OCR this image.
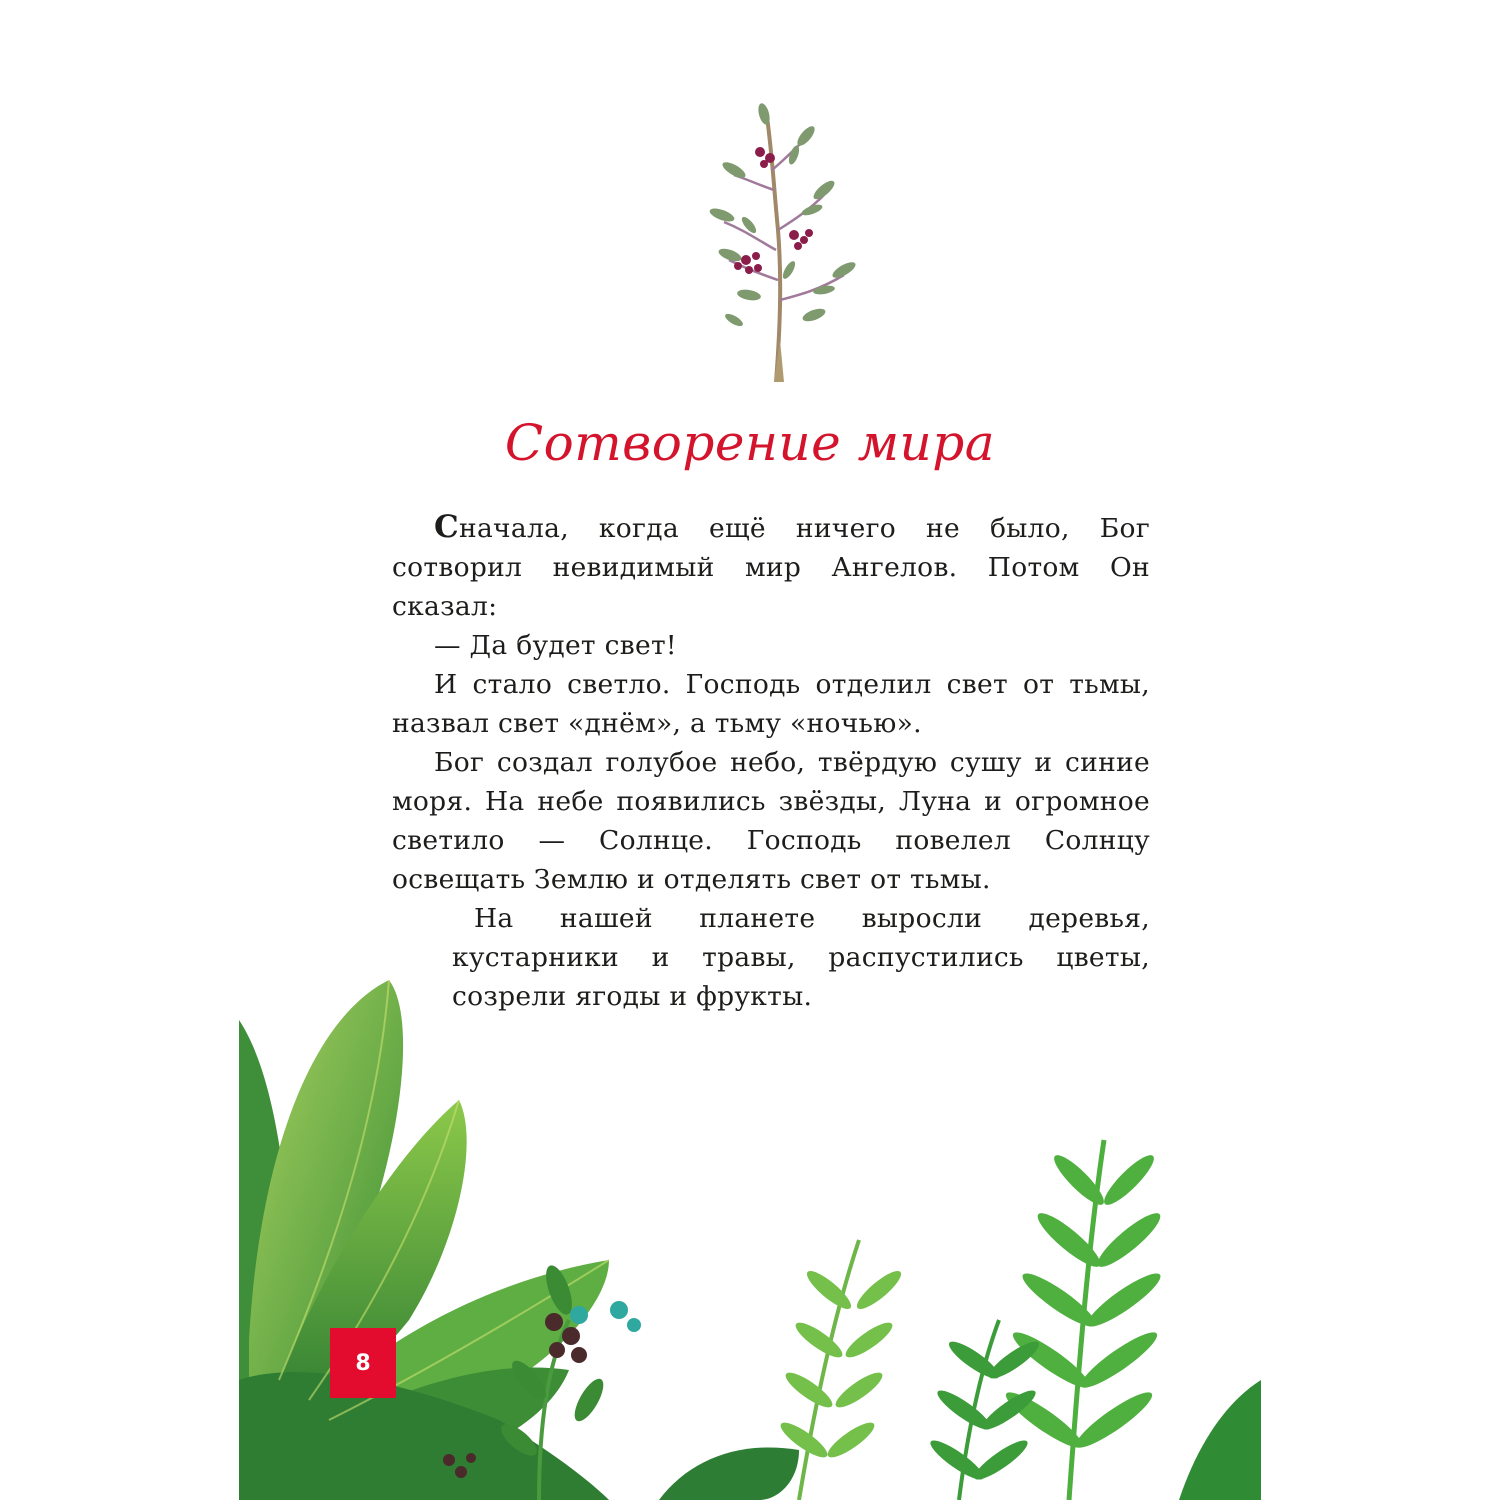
Сотворение мира

Сначала, когда ещё ничего не было, Бог сотворил невидимый мир Ангелов. Потом Он сказал:

— Да будет свет!

И стало светло. Господь отделил свет от тьмы, назвал свет «днём», а тьму «ночью».

Бог создал голубое небо, твёрдую сушу и синие моря. На небе появились звёзды, Луна и огромное светило — Солнце. Господь повелел Солнцу освещать Землю и отделять свет от тьмы.

На нашей планете выросли деревья, кустарники и травы, распустились цветы, созрели ягоды и фрукты.

8
